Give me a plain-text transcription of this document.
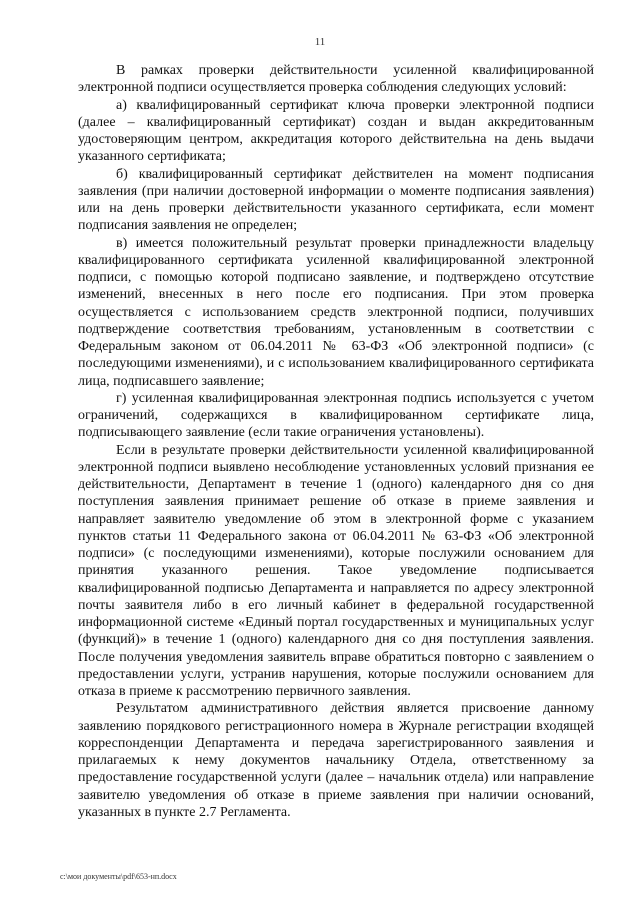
11

В рамках проверки действительности усиленной квалифицированной электронной подписи осуществляется проверка соблюдения следующих условий:

а) квалифицированный сертификат ключа проверки электронной подписи (далее – квалифицированный сертификат) создан и выдан аккредитованным удостоверяющим центром, аккредитация которого действительна на день выдачи указанного сертификата;

б) квалифицированный сертификат действителен на момент подписания заявления (при наличии достоверной информации о моменте подписания заявления) или на день проверки действительности указанного сертификата, если момент подписания заявления не определен;

в) имеется положительный результат проверки принадлежности владельцу квалифицированного сертификата усиленной квалифицированной электронной подписи, с помощью которой подписано заявление, и подтверждено отсутствие изменений, внесенных в него после его подписания. При этом проверка осуществляется с использованием средств электронной подписи, получивших подтверждение соответствия требованиям, установленным в соответствии с Федеральным законом от 06.04.2011 № 63-ФЗ «Об электронной подписи» (с последующими изменениями), и с использованием квалифицированного сертификата лица, подписавшего заявление;

г) усиленная квалифицированная электронная подпись используется с учетом ограничений, содержащихся в квалифицированном сертификате лица, подписывающего заявление (если такие ограничения установлены).

Если в результате проверки действительности усиленной квалифицированной электронной подписи выявлено несоблюдение установленных условий признания ее действительности, Департамент в течение 1 (одного) календарного дня со дня поступления заявления принимает решение об отказе в приеме заявления и направляет заявителю уведомление об этом в электронной форме с указанием пунктов статьи 11 Федерального закона от 06.04.2011 № 63-ФЗ «Об электронной подписи» (с последующими изменениями), которые послужили основанием для принятия указанного решения. Такое уведомление подписывается квалифицированной подписью Департамента и направляется по адресу электронной почты заявителя либо в его личный кабинет в федеральной государственной информационной системе «Единый портал государственных и муниципальных услуг (функций)» в течение 1 (одного) календарного дня со дня поступления заявления. После получения уведомления заявитель вправе обратиться повторно с заявлением о предоставлении услуги, устранив нарушения, которые послужили основанием для отказа в приеме к рассмотрению первичного заявления.

Результатом административного действия является присвоение данному заявлению порядкового регистрационного номера в Журнале регистрации входящей корреспонденции Департамента и передача зарегистрированного заявления и прилагаемых к нему документов начальнику Отдела, ответственному за предоставление государственной услуги (далее – начальник отдела) или направление заявителю уведомления об отказе в приеме заявления при наличии оснований, указанных в пункте 2.7 Регламента.

c:\мои документы\pdf\653-нп.docx
